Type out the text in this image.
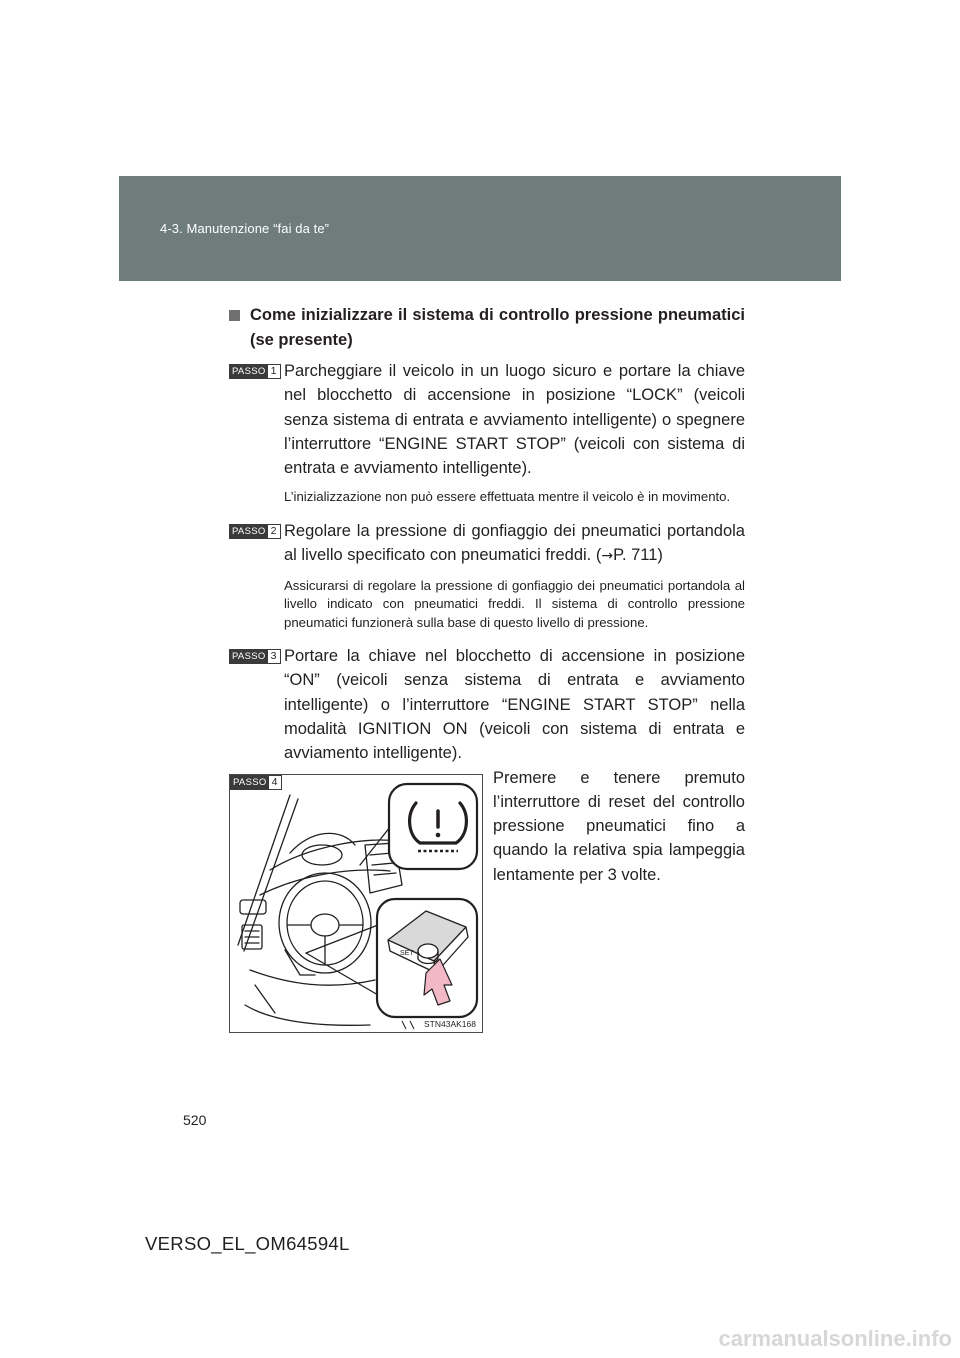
4-3. Manutenzione “fai da te”

Come inizializzare il sistema di controllo pressione pneumatici (se presente)
PASSO 1 Parcheggiare il veicolo in un luogo sicuro e portare la chiave nel blocchetto di accensione in posizione “LOCK” (veicoli senza sistema di entrata e avviamento intelligente) o spegnere l’interruttore “ENGINE START STOP” (veicoli con sistema di entrata e avviamento intelligente).

L’inizializzazione non può essere effettuata mentre il veicolo è in movimento.

PASSO 2 Regolare la pressione di gonfiaggio dei pneumatici portandola al livello specificato con pneumatici freddi. (→P. 711)

Assicurarsi di regolare la pressione di gonfiaggio dei pneumatici portandola al livello indicato con pneumatici freddi. Il sistema di controllo pressione pneumatici funzionerà sulla base di questo livello di pressione.

PASSO 3 Portare la chiave nel blocchetto di accensione in posizione “ON” (veicoli senza sistema di entrata e avviamento intelligente) o l’interruttore “ENGINE START STOP” nella modalità IGNITION ON (veicoli con sistema di entrata e avviamento intelligente).

SET
PASSO 4
STN43AK168

Premere e tenere premuto l’interruttore di reset del controllo pressione pneumatici fino a quando la relativa spia lampeggia lentamente per 3 volte.

520

VERSO_EL_OM64594L

carmanualsonline.info
